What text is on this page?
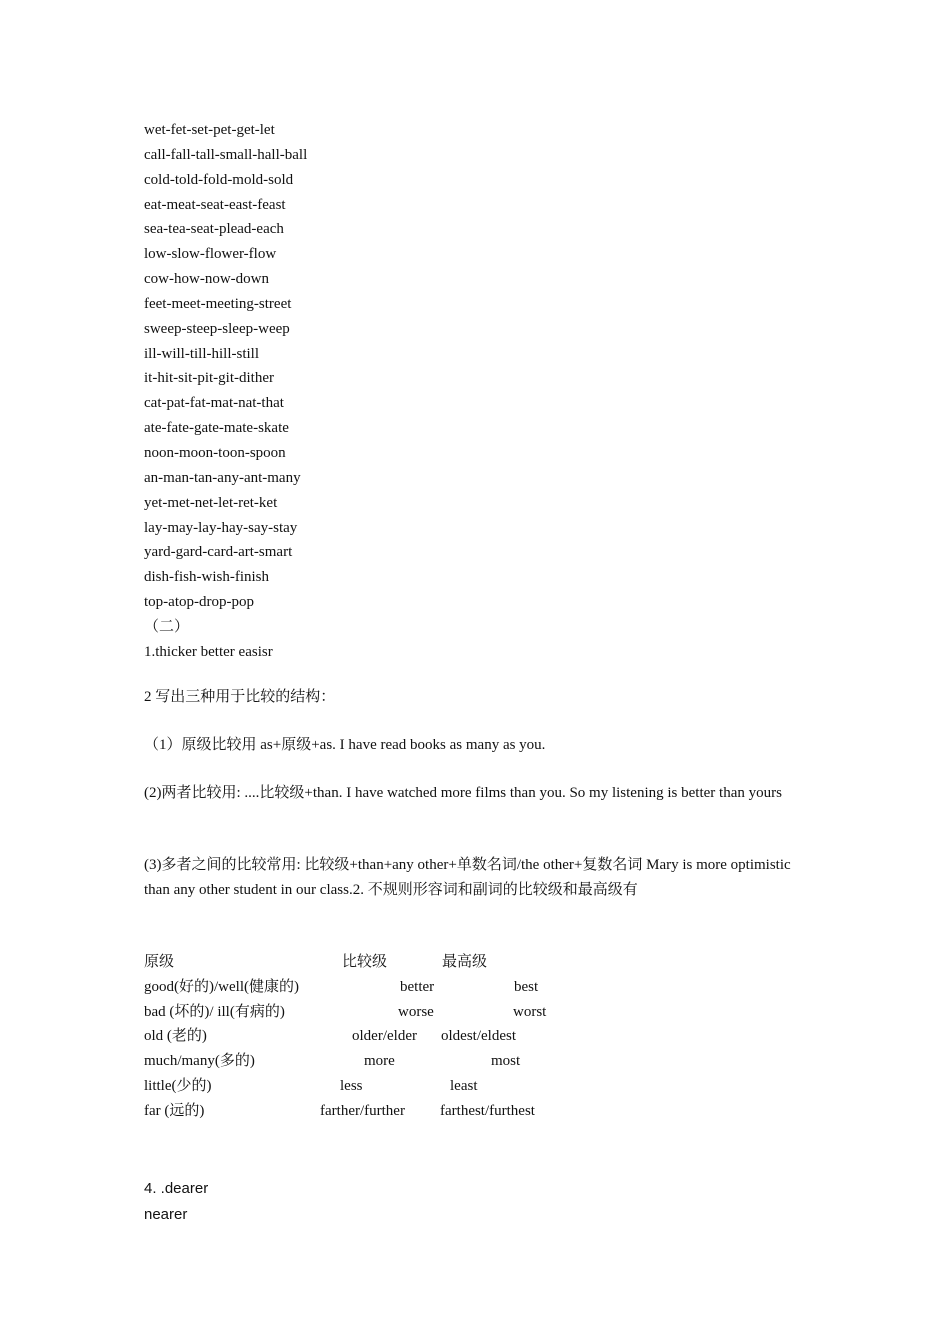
wet-fet-set-pet-get-let
call-fall-tall-small-hall-ball
cold-told-fold-mold-sold
eat-meat-seat-east-feast
sea-tea-seat-plead-each
low-slow-flower-flow
cow-how-now-down
feet-meet-meeting-street
sweep-steep-sleep-weep
ill-will-till-hill-still
it-hit-sit-pit-git-dither
cat-pat-fat-mat-nat-that
ate-fate-gate-mate-skate
noon-moon-toon-spoon
an-man-tan-any-ant-many
yet-met-net-let-ret-ket
lay-may-lay-hay-say-stay
yard-gard-card-art-smart
dish-fish-wish-finish
top-atop-drop-pop
（二）
1.thicker better easisr
2 写出三种用于比较的结构：
（1）原级比较用 as+原级+as. I have read books as many as you.
(2)两者比较用: ....比较级+than. I have watched more films than you. So my listening is better than yours
(3)多者之间的比较常用: 比较级+than+any other+单数名词/the other+复数名词 Mary is more optimistic than any other student in our class.2. 不规则形容词和副词的比较级和最高级有
原级	比较级	最高级
good(好的)/well(健康的)	better	best
bad (坏的)/ ill(有病的)	worse	worst
old (老的)	older/elder oldest/eldest
much/many(多的)	more	most
little(少的)	less	least
far (远的)	farther/further farthest/furthest
4. .dearer
nearer
